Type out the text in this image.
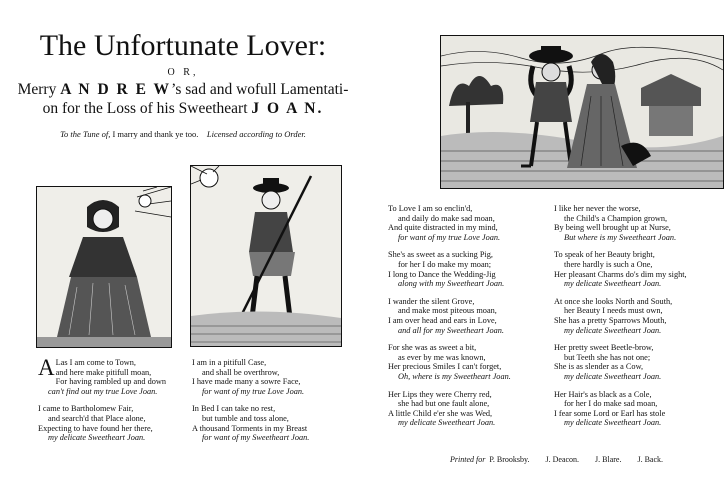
The Unfortunate Lover:
O R,
Merry A N D R E W’s sad and wofull Lamentati-
on for the Loss of his Sweetheart J O A N.
To the Tune of, I marry and thank ye too. Licensed according to Order.
A Las I am come to Town,
and here make pitifull moan,
For having rambled up and down
can't find out my true Love Joan.
I came to Bartholomew Fair,
and search'd that Place alone,
Expecting to have found her there,
my delicate Sweetheart Joan.
I am in a pitifull Case,
and shall be overthrow,
I have made many a sowre Face,
for want of my true Love Joan.
In Bed I can take no rest,
but tumble and toss alone,
A thousand Torments in my Breast
for want of my Sweetheart Joan.
To Love I am so enclin'd,
and daily do make sad moan,
And quite distracted in my mind,
for want of my true Love Joan.
She's as sweet as a sucking Pig,
for her I do make my moan;
I long to Dance the Wedding-Jig
along with my Sweetheart Joan.
I wander the silent Grove,
and make most piteous moan,
I am over head and ears in Love,
and all for my Sweetheart Joan.
For she was as sweet a bit,
as ever by me was known,
Her precious Smiles I can't forget,
Oh, where is my Sweetheart Joan.
Her Lips they were Cherry red,
she had but one fault alone,
A little Child e'er she was Wed,
my delicate Sweetheart Joan.
I like her never the worse,
the Child's a Champion grown,
By being well brought up at Nurse,
But where is my Sweetheart Joan.
To speak of her Beauty bright,
there hardly is such a One,
Her pleasant Charms do's dim my sight,
my delicate Sweetheart Joan.
At once she looks North and South,
her Beauty I needs must own,
She has a pretty Sparrows Mouth,
my delicate Sweetheart Joan.
Her pretty sweet Beetle-brow,
but Teeth she has not one;
She is as slender as a Cow,
my delicate Sweetheart Joan.
Her Hair's as black as a Cole,
for her I do make sad moan,
I fear some Lord or Earl has stole
my delicate Sweetheart Joan.
Printed for P. Brooksby. J. Deacon. J. Blare. J. Back.
